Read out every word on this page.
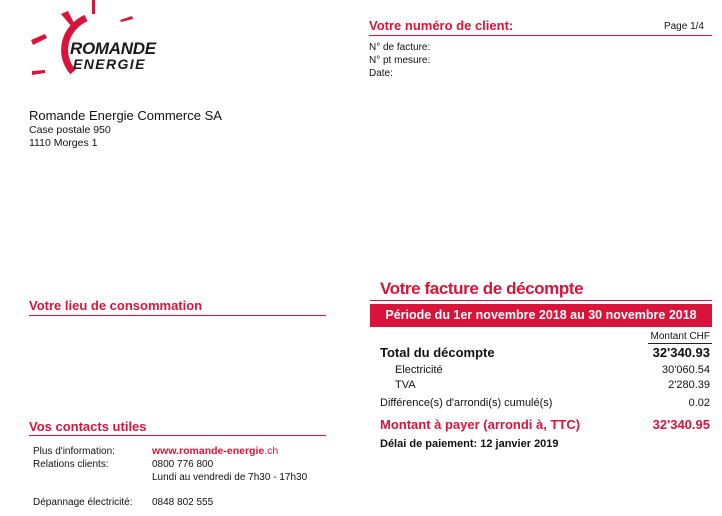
ROMANDE
ENERGIE
Romande Energie Commerce SA
Case postale 950
1110 Morges 1
Votre numéro de client:	Page 1/4
N° de facture:
N° pt mesure:
Date:
Votre lieu de consommation
Vos contacts utiles
Plus d'information:	www.romande-energie.ch
Relations clients:	0800 776 800
Lundi au vendredi de 7h30 - 17h30
Dépannage électricité: 0848 802 555
Votre facture de décompte
Période du 1er novembre 2018 au 30 novembre 2018
Montant CHF
Total du décompte	32'340.93
Electricité	30'060.54
TVA	2'280.39
Différence(s) d'arrondi(s) cumulé(s)	0.02
Montant à payer (arrondi à, TTC)	32'340.95
Délai de paiement: 12 janvier 2019
